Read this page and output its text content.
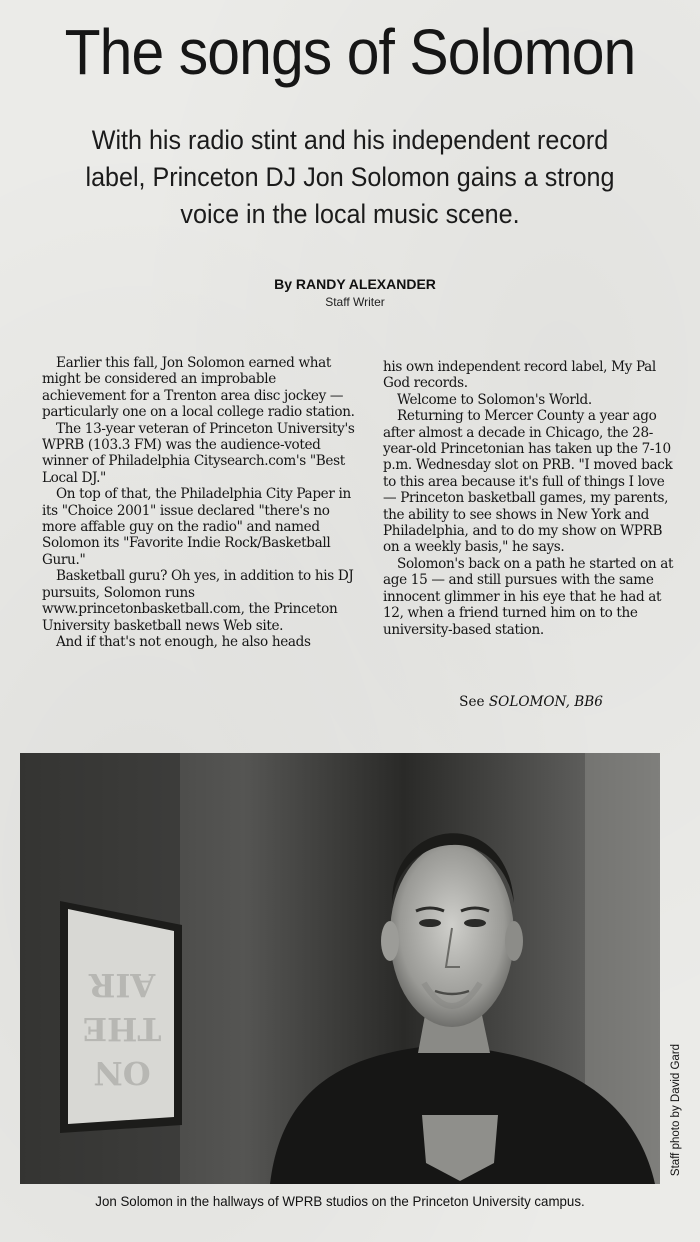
The songs of Solomon
With his radio stint and his independent record label, Princeton DJ Jon Solomon gains a strong voice in the local music scene.
By RANDY ALEXANDER
Staff Writer

Earlier this fall, Jon Solomon earned what might be considered an improbable achievement for a Trenton area disc jockey — particularly one on a local college radio station.

The 13-year veteran of Princeton University's WPRB (103.3 FM) was the audience-voted winner of Philadelphia Citysearch.com's "Best Local DJ."

On top of that, the Philadelphia City Paper in its "Choice 2001" issue declared "there's no more affable guy on the radio" and named Solomon its "Favorite Indie Rock/Basketball Guru."

Basketball guru? Oh yes, in addition to his DJ pursuits, Solomon runs www.princetonbasketball.com, the Princeton University basketball news Web site.

And if that's not enough, he also heads

his own independent record label, My Pal God records.

Welcome to Solomon's World.

Returning to Mercer County a year ago after almost a decade in Chicago, the 28-year-old Princetonian has taken up the 7-10 p.m. Wednesday slot on PRB. "I moved back to this area because it's full of things I love — Princeton basketball games, my parents, the ability to see shows in New York and Philadelphia, and to do my show on WPRB on a weekly basis," he says.

Solomon's back on a path he started on at age 15 — and still pursues with the same innocent glimmer in his eye that he had at 12, when a friend turned him on to the university-based station.

See SOLOMON, BB6
ON THE AIR
Staff photo by David Gard
Jon Solomon in the hallways of WPRB studios on the Princeton University campus.
